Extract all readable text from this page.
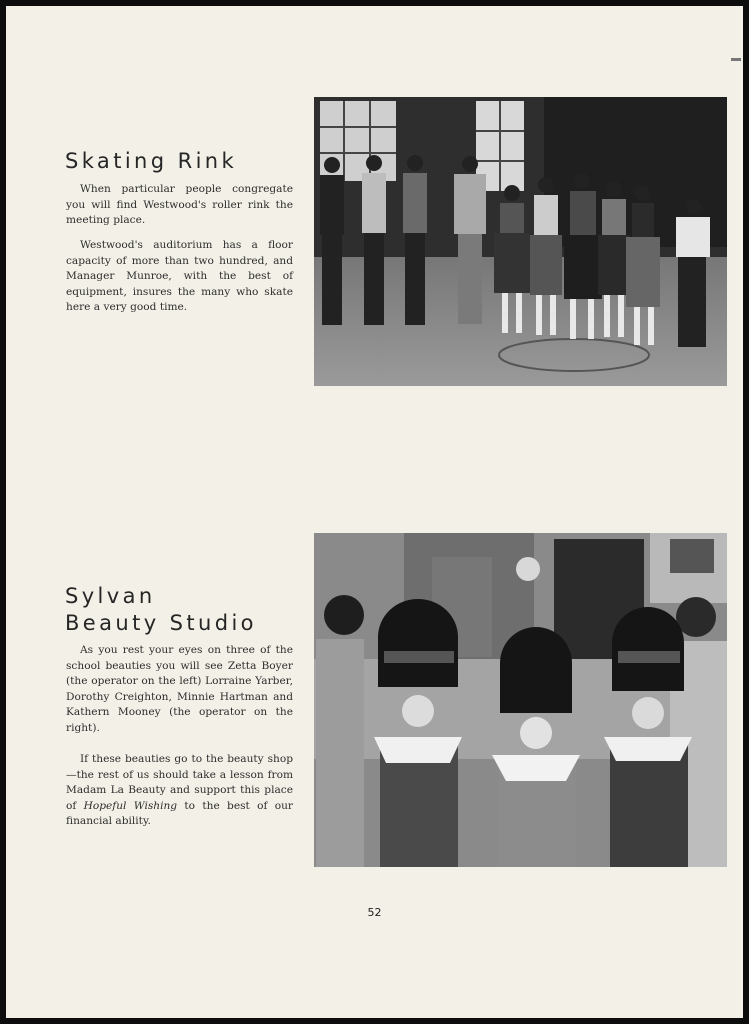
Skating Rink

When particular people congregate you will find Westwood's roller rink the meeting place.

Westwood's auditorium has a floor capacity of more than two hundred, and Manager Munroe, with the best of equipment, insures the many who skate here a very good time.

Sylvan
Beauty Studio

As you rest your eyes on three of the school beauties you will see Zetta Boyer (the operator on the left) Lorraine Yarber, Dorothy Creighton, Minnie Hartman and Kathern Mooney (the operator on the right).

If these beauties go to the beauty shop—the rest of us should take a lesson from Madam La Beauty and support this place of Hopeful Wishing to the best of our financial ability.

52
